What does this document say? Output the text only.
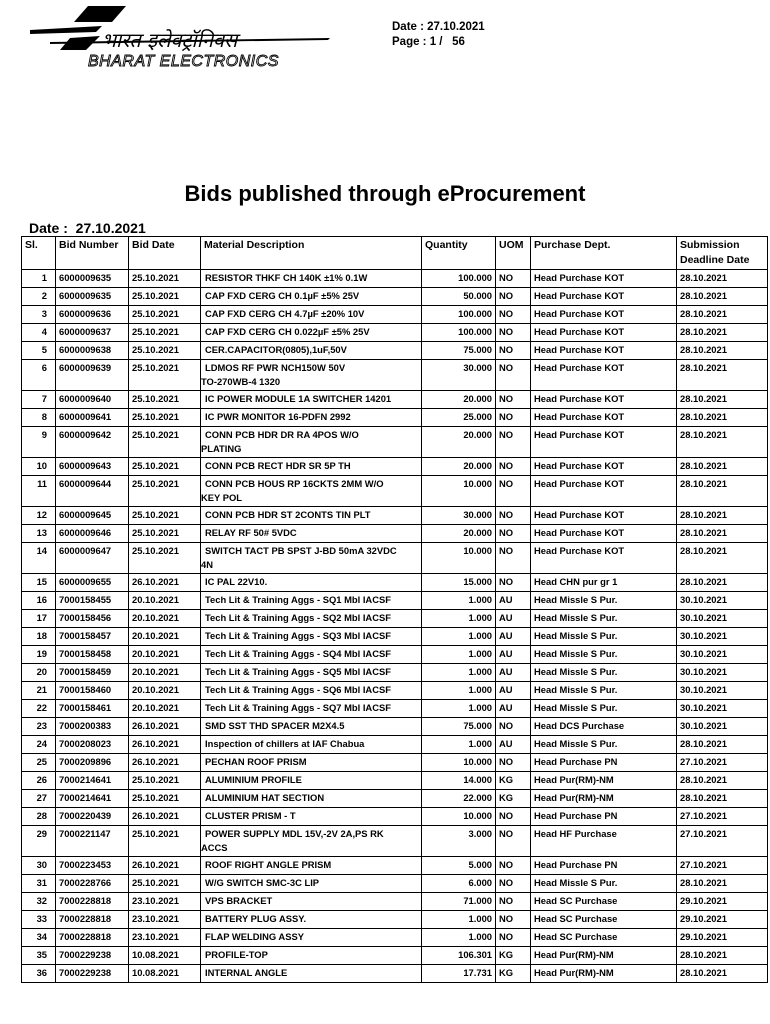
भारत इलेक्ट्रॉनिक्स
BHARAT ELECTRONICS
Date : 27.10.2021
Page : 1 /   56
Bids published through eProcurement
Date :  27.10.2021
Sl.	Bid Number	Bid Date	Material Description	Quantity	UOM	Purchase Dept.	Submission Deadline Date
1	6000009635	25.10.2021	RESISTOR THKF CH 140K ±1% 0.1W	100.000	NO	Head Purchase KOT	28.10.2021
2	6000009635	25.10.2021	CAP FXD CERG CH 0.1µF ±5% 25V	50.000	NO	Head Purchase KOT	28.10.2021
3	6000009636	25.10.2021	CAP FXD CERG CH 4.7µF ±20% 10V	100.000	NO	Head Purchase KOT	28.10.2021
4	6000009637	25.10.2021	CAP FXD CERG CH 0.022µF ±5% 25V	100.000	NO	Head Purchase KOT	28.10.2021
5	6000009638	25.10.2021	CER.CAPACITOR(0805),1uF,50V	75.000	NO	Head Purchase KOT	28.10.2021
6	6000009639	25.10.2021	LDMOS RF PWR NCH150W 50V
TO-270WB-4 1320	30.000	NO	Head Purchase KOT	28.10.2021
7	6000009640	25.10.2021	IC POWER MODULE 1A SWITCHER 14201	20.000	NO	Head Purchase KOT	28.10.2021
8	6000009641	25.10.2021	IC PWR MONITOR 16-PDFN 2992	25.000	NO	Head Purchase KOT	28.10.2021
9	6000009642	25.10.2021	CONN PCB HDR DR RA 4POS W/O
PLATING	20.000	NO	Head Purchase KOT	28.10.2021
10	6000009643	25.10.2021	CONN PCB RECT HDR SR 5P TH	20.000	NO	Head Purchase KOT	28.10.2021
11	6000009644	25.10.2021	CONN PCB HOUS RP 16CKTS 2MM W/O
KEY POL	10.000	NO	Head Purchase KOT	28.10.2021
12	6000009645	25.10.2021	CONN PCB HDR ST 2CONTS TIN PLT	30.000	NO	Head Purchase KOT	28.10.2021
13	6000009646	25.10.2021	RELAY RF 50# 5VDC	20.000	NO	Head Purchase KOT	28.10.2021
14	6000009647	25.10.2021	SWITCH TACT PB SPST J-BD 50mA 32VDC
4N	10.000	NO	Head Purchase KOT	28.10.2021
15	6000009655	26.10.2021	IC PAL 22V10.	15.000	NO	Head CHN pur gr 1	28.10.2021
16	7000158455	20.10.2021	Tech Lit & Training Aggs - SQ1 Mbl IACSF	1.000	AU	Head Missle S Pur.	30.10.2021
17	7000158456	20.10.2021	Tech Lit & Training Aggs - SQ2 Mbl IACSF	1.000	AU	Head Missle S Pur.	30.10.2021
18	7000158457	20.10.2021	Tech Lit & Training Aggs - SQ3 Mbl IACSF	1.000	AU	Head Missle S Pur.	30.10.2021
19	7000158458	20.10.2021	Tech Lit & Training Aggs - SQ4 Mbl IACSF	1.000	AU	Head Missle S Pur.	30.10.2021
20	7000158459	20.10.2021	Tech Lit & Training Aggs - SQ5 Mbl IACSF	1.000	AU	Head Missle S Pur.	30.10.2021
21	7000158460	20.10.2021	Tech Lit & Training Aggs - SQ6 Mbl IACSF	1.000	AU	Head Missle S Pur.	30.10.2021
22	7000158461	20.10.2021	Tech Lit & Training Aggs - SQ7 Mbl IACSF	1.000	AU	Head Missle S Pur.	30.10.2021
23	7000200383	26.10.2021	SMD SST THD SPACER M2X4.5	75.000	NO	Head DCS Purchase	30.10.2021
24	7000208023	26.10.2021	Inspection of chillers at IAF Chabua	1.000	AU	Head Missle S Pur.	28.10.2021
25	7000209896	26.10.2021	PECHAN ROOF PRISM	10.000	NO	Head Purchase PN	27.10.2021
26	7000214641	25.10.2021	ALUMINIUM PROFILE	14.000	KG	Head Pur(RM)-NM	28.10.2021
27	7000214641	25.10.2021	ALUMINIUM HAT SECTION	22.000	KG	Head Pur(RM)-NM	28.10.2021
28	7000220439	26.10.2021	CLUSTER PRISM - T	10.000	NO	Head Purchase PN	27.10.2021
29	7000221147	25.10.2021	POWER SUPPLY MDL 15V,-2V 2A,PS RK
ACCS	3.000	NO	Head HF Purchase	27.10.2021
30	7000223453	26.10.2021	ROOF RIGHT ANGLE PRISM	5.000	NO	Head Purchase PN	27.10.2021
31	7000228766	25.10.2021	W/G SWITCH SMC-3C LIP	6.000	NO	Head Missle S Pur.	28.10.2021
32	7000228818	23.10.2021	VPS BRACKET	71.000	NO	Head SC Purchase	29.10.2021
33	7000228818	23.10.2021	BATTERY PLUG ASSY.	1.000	NO	Head SC Purchase	29.10.2021
34	7000228818	23.10.2021	FLAP WELDING ASSY	1.000	NO	Head SC Purchase	29.10.2021
35	7000229238	10.08.2021	PROFILE-TOP	106.301	KG	Head Pur(RM)-NM	28.10.2021
36	7000229238	10.08.2021	INTERNAL ANGLE	17.731	KG	Head Pur(RM)-NM	28.10.2021
